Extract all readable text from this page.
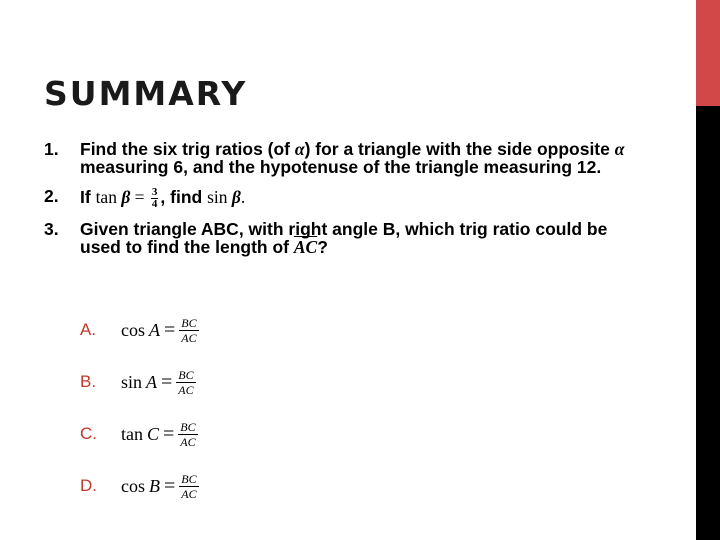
SUMMARY
1. Find the six trig ratios (of α) for a triangle with the side opposite α measuring 6, and the hypotenuse of the triangle measuring 12.
2. If $\tan \beta = \frac{3}{4}$ , find sin β.
3. Given triangle ABC, with right angle B, which trig ratio could be used to find the length of $\overline{AC}$?
A.	$\cos A = \frac{BC}{AC}$
B.	$\sin A = \frac{BC}{AC}$
C.	$\tan C = \frac{BC}{AC}$
D.	$\cos B = \frac{BC}{AC}$
